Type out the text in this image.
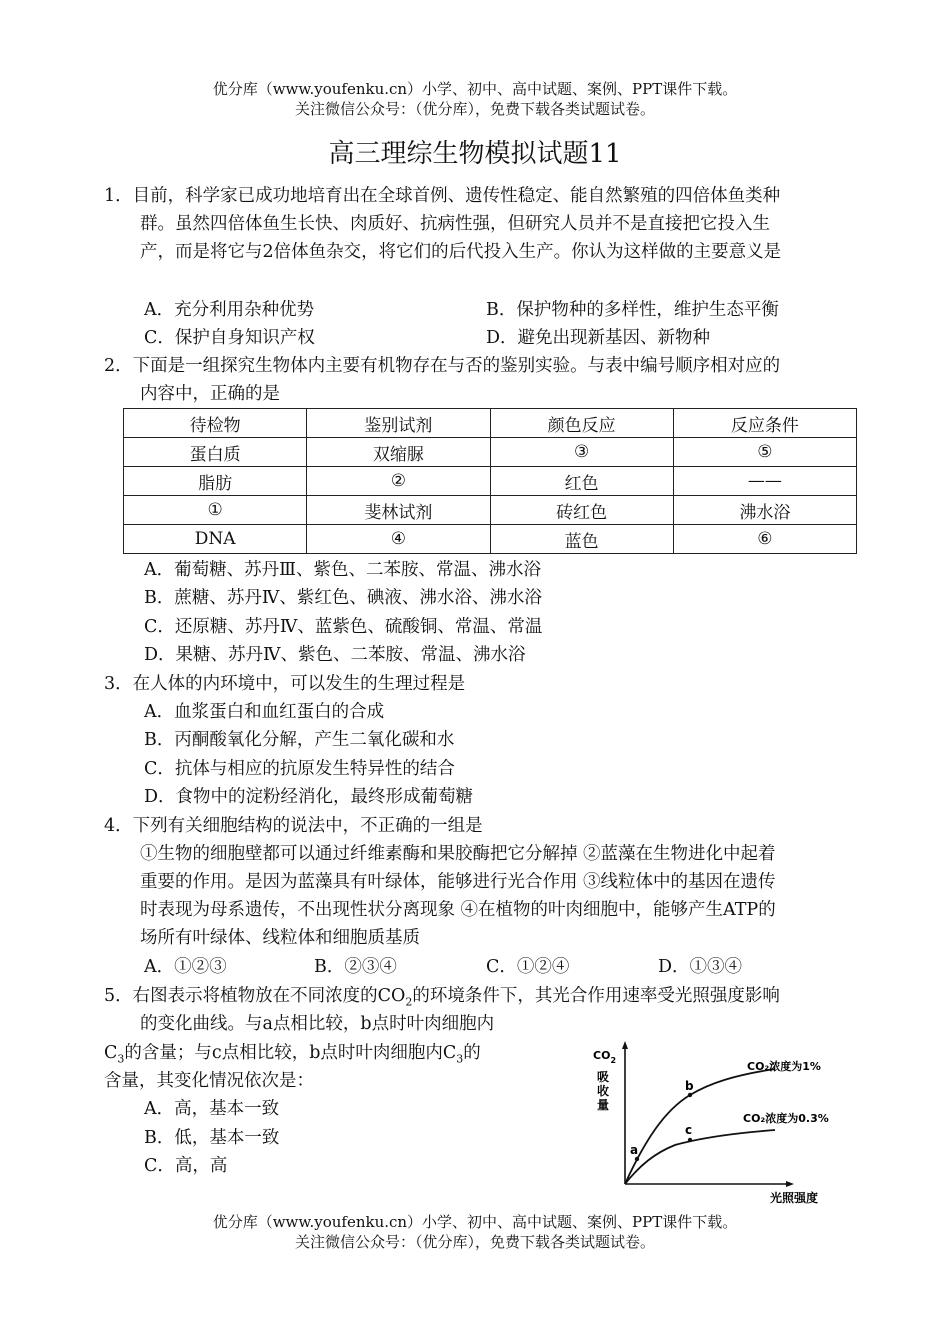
优分库（www.youfenku.cn）小学、初中、高中试题、案例、PPT课件下载。
关注微信公众号：（优分库），免费下载各类试题试卷。
高三理综生物模拟试题11
1．目前，科学家已成功地培育出在全球首例、遗传性稳定、能自然繁殖的四倍体鱼类种
群。虽然四倍体鱼生长快、肉质好、抗病性强，但研究人员并不是直接把它投入生
产，而是将它与2倍体鱼杂交，将它们的后代投入生产。你认为这样做的主要意义是
A．充分利用杂种优势	B．保护物种的多样性，维护生态平衡
C．保护自身知识产权	D．避免出现新基因、新物种
2．下面是一组探究生物体内主要有机物存在与否的鉴别实验。与表中编号顺序相对应的
内容中，正确的是
待检物	鉴别试剂	颜色反应	反应条件
蛋白质	双缩脲	③	⑤
脂肪	②	红色	——
①	斐林试剂	砖红色	沸水浴
DNA	④	蓝色	⑥
A．葡萄糖、苏丹Ⅲ、紫色、二苯胺、常温、沸水浴
B．蔗糖、苏丹Ⅳ、紫红色、碘液、沸水浴、沸水浴
C．还原糖、苏丹Ⅳ、蓝紫色、硫酸铜、常温、常温
D．果糖、苏丹Ⅳ、紫色、二苯胺、常温、沸水浴
3．在人体的内环境中，可以发生的生理过程是
A．血浆蛋白和血红蛋白的合成
B．丙酮酸氧化分解，产生二氧化碳和水
C．抗体与相应的抗原发生特异性的结合
D．食物中的淀粉经消化，最终形成葡萄糖
4．下列有关细胞结构的说法中，不正确的一组是
①生物的细胞壁都可以通过纤维素酶和果胶酶把它分解掉 ②蓝藻在生物进化中起着
重要的作用。是因为蓝藻具有叶绿体，能够进行光合作用 ③线粒体中的基因在遗传
时表现为母系遗传，不出现性状分离现象 ④在植物的叶肉细胞中，能够产生ATP的
场所有叶绿体、线粒体和细胞质基质
A．①②③	B．②③④	C．①②④	D．①③④
5．右图表示将植物放在不同浓度的$CO_2$的环境条件下，其光合作用速率受光照强度影响
的变化曲线。与a点相比较，b点时叶肉细胞内
$C_3$的含量；与c点相比较，b点时叶肉细胞内$C_3$的
含量，其变化情况依次是：
A．高，基本一致
B．低，基本一致
C．高，高
$CO_2$
吸
收
量
光照强度
a
b
c
CO₂浓度为1%
CO₂浓度为0.3%
优分库（www.youfenku.cn）小学、初中、高中试题、案例、PPT课件下载。
关注微信公众号：（优分库），免费下载各类试题试卷。
